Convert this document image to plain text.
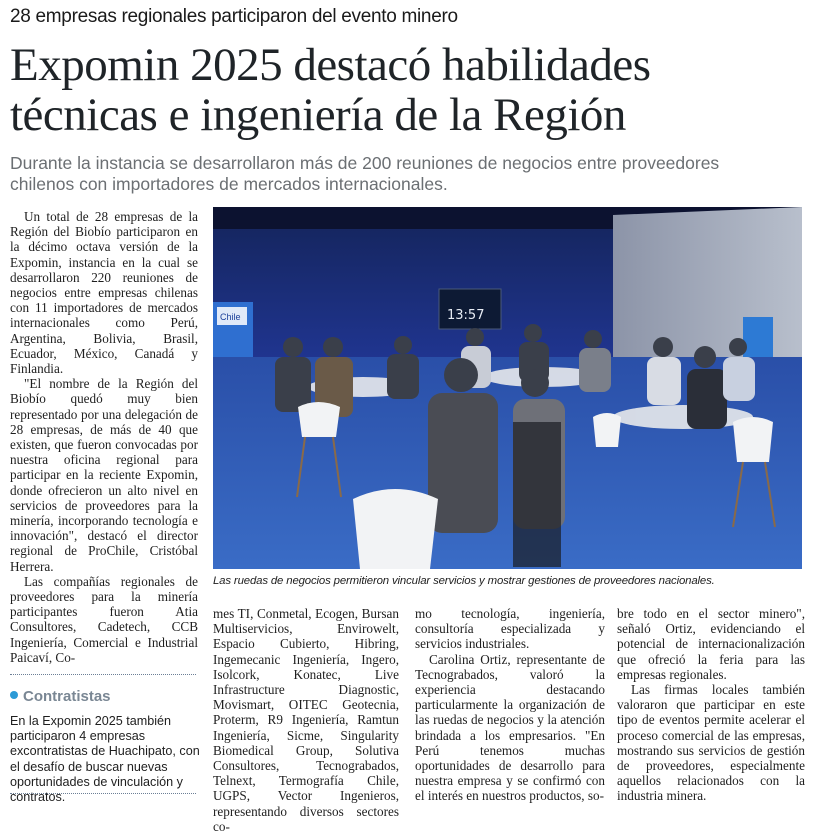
28 empresas regionales participaron del evento minero
Expomin 2025 destacó habilidades
técnicas e ingeniería de la Región
Durante la instancia se desarrollaron más de 200 reuniones de negocios entre proveedores
chilenos con importadores de mercados internacionales.

Un total de 28 empresas de la Región del Biobío participaron en la décimo octava versión de la Expomin, instancia en la cual se desarrollaron 220 reuniones de negocios entre empresas chilenas con 11 importadores de mercados internacionales como Perú, Argentina, Bolivia, Brasil, Ecuador, México, Canadá y Finlandia.

"El nombre de la Región del Biobío quedó muy bien representado por una delegación de 28 empresas, de más de 40 que existen, que fueron convocadas por nuestra oficina regional para participar en la reciente Expomin, donde ofrecieron un alto nivel en servicios de proveedores para la minería, incorporando tecnología e innovación", destacó el director regional de ProChile, Cristóbal Herrera.

Las compañías regionales de proveedores para la minería participantes fueron Atia Consultores, Cadetech, CCB Ingeniería, Comercial e Industrial Paicaví, Co-

Chile	13:57
Las ruedas de negocios permitieron vincular servicios y mostrar gestiones de proveedores nacionales.

mes TI, Conmetal, Ecogen, Bursan Multiservicios, Envirowelt, Espacio Cubierto, Hibring, Ingemecanic Ingeniería, Ingero, Isolcork, Konatec, Live Infrastructure Diagnostic, Movismart, OITEC Geotecnia, Proterm, R9 Ingeniería, Ramtun Ingeniería, Sicme, Singularity Biomedical Group, Solutiva Consultores, Tecnograbados, Telnext, Termografía Chile, UGPS, Vector Ingenieros, representando diversos sectores co-

mo tecnología, ingeniería, consultoría especializada y servicios industriales.

Carolina Ortiz, representante de Tecnograbados, valoró la experiencia destacando particularmente la organización de las ruedas de negocios y la atención brindada a los empresarios. "En Perú tenemos muchas oportunidades de desarrollo para nuestra empresa y se confirmó con el interés en nuestros productos, so-

bre todo en el sector minero", señaló Ortiz, evidenciando el potencial de internacionalización que ofreció la feria para las empresas regionales.

Las firmas locales también valoraron que participar en este tipo de eventos permite acelerar el proceso comercial de las empresas, mostrando sus servicios de gestión de proveedores, especialmente aquellos relacionados con la industria minera.

Contratistas
En la Expomin 2025 también participaron 4 empresas excontratistas de Huachipato, con el desafío de buscar nuevas oportunidades de vinculación y contratos.
